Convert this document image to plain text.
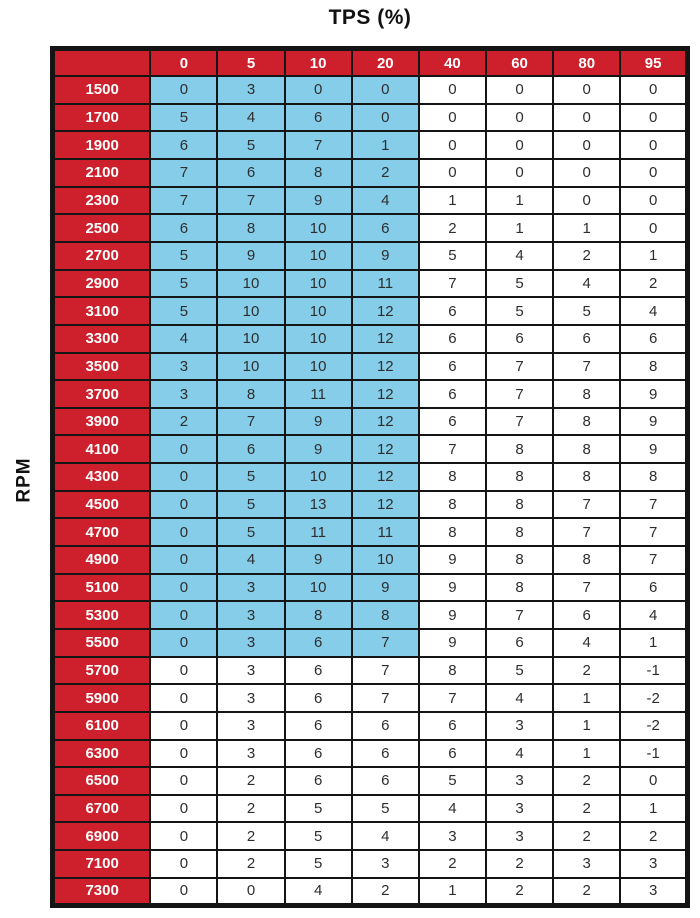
TPS (%)
RPM
	0	5	10	20	40	60	80	95
1500	0	3	0	0	0	0	0	0
1700	5	4	6	0	0	0	0	0
1900	6	5	7	1	0	0	0	0
2100	7	6	8	2	0	0	0	0
2300	7	7	9	4	1	1	0	0
2500	6	8	10	6	2	1	1	0
2700	5	9	10	9	5	4	2	1
2900	5	10	10	11	7	5	4	2
3100	5	10	10	12	6	5	5	4
3300	4	10	10	12	6	6	6	6
3500	3	10	10	12	6	7	7	8
3700	3	8	11	12	6	7	8	9
3900	2	7	9	12	6	7	8	9
4100	0	6	9	12	7	8	8	9
4300	0	5	10	12	8	8	8	8
4500	0	5	13	12	8	8	7	7
4700	0	5	11	11	8	8	7	7
4900	0	4	9	10	9	8	8	7
5100	0	3	10	9	9	8	7	6
5300	0	3	8	8	9	7	6	4
5500	0	3	6	7	9	6	4	1
5700	0	3	6	7	8	5	2	-1
5900	0	3	6	7	7	4	1	-2
6100	0	3	6	6	6	3	1	-2
6300	0	3	6	6	6	4	1	-1
6500	0	2	6	6	5	3	2	0
6700	0	2	5	5	4	3	2	1
6900	0	2	5	4	3	3	2	2
7100	0	2	5	3	2	2	3	3
7300	0	0	4	2	1	2	2	3
